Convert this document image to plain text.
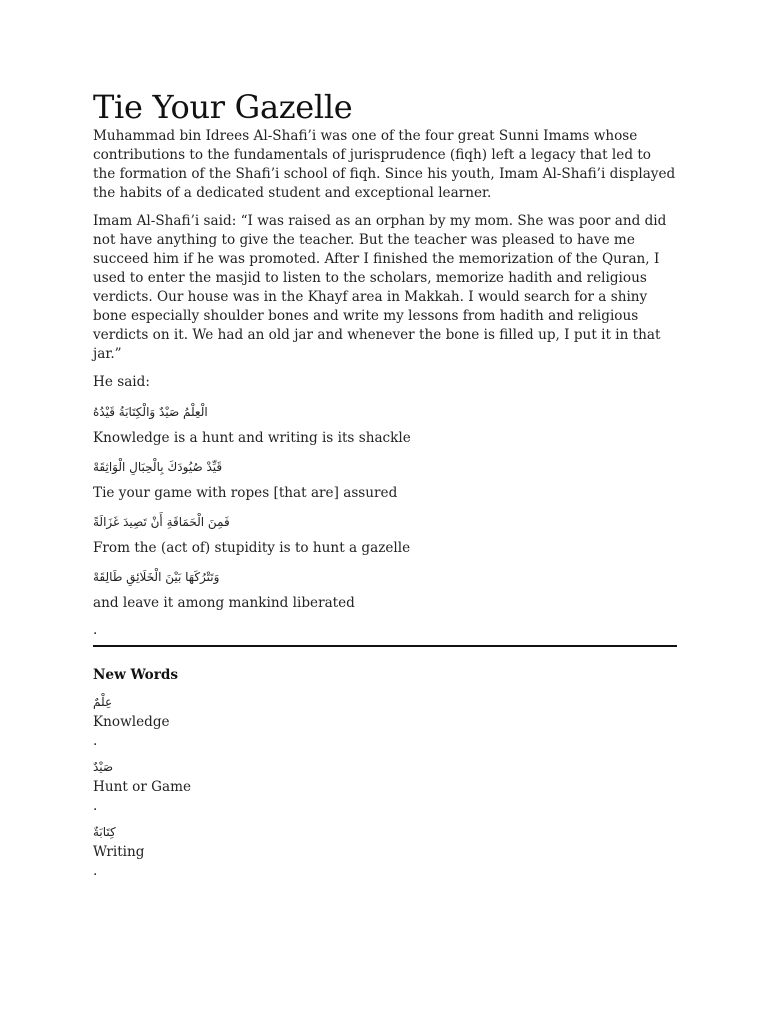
Tie Your Gazelle

Muhammad bin Idrees Al-Shafi’i was one of the four great Sunni Imams whose contributions to the fundamentals of jurisprudence (fiqh) left a legacy that led to the formation of the Shafi’i school of fiqh. Since his youth, Imam Al-Shafi’i displayed the habits of a dedicated student and exceptional learner.

Imam Al-Shafi’i said: “I was raised as an orphan by my mom. She was poor and did not have anything to give the teacher. But the teacher was pleased to have me succeed him if he was promoted. After I finished the memorization of the Quran, I used to enter the masjid to listen to the scholars, memorize hadith and religious verdicts. Our house was in the Khayf area in Makkah. I would search for a shiny bone especially shoulder bones and write my lessons from hadith and religious verdicts on it. We had an old jar and whenever the bone is filled up, I put it in that jar.”

He said:

الْعِلْمُ صَيْدٌ وَالْكِتَابَةُ قَيْدُهُ

Knowledge is a hunt and writing is its shackle

قَيِّدْ صُيُودَكَ بِالْحِبَالِ الْوَاثِقَهْ

Tie your game with ropes [that are] assured

فَمِنَ الْحَمَاقَةِ أَنْ تَصِيدَ غَزَالَةً

From the (act of) stupidity is to hunt a gazelle

وَتَتْرُكَهَا بَيْنَ الْخَلَائِقِ طَالِقَهْ

and leave it among mankind liberated

.

New Words

عِلْمٌ

Knowledge

.

صَيْدٌ

Hunt or Game

.

كِتَابَةٌ

Writing

.
